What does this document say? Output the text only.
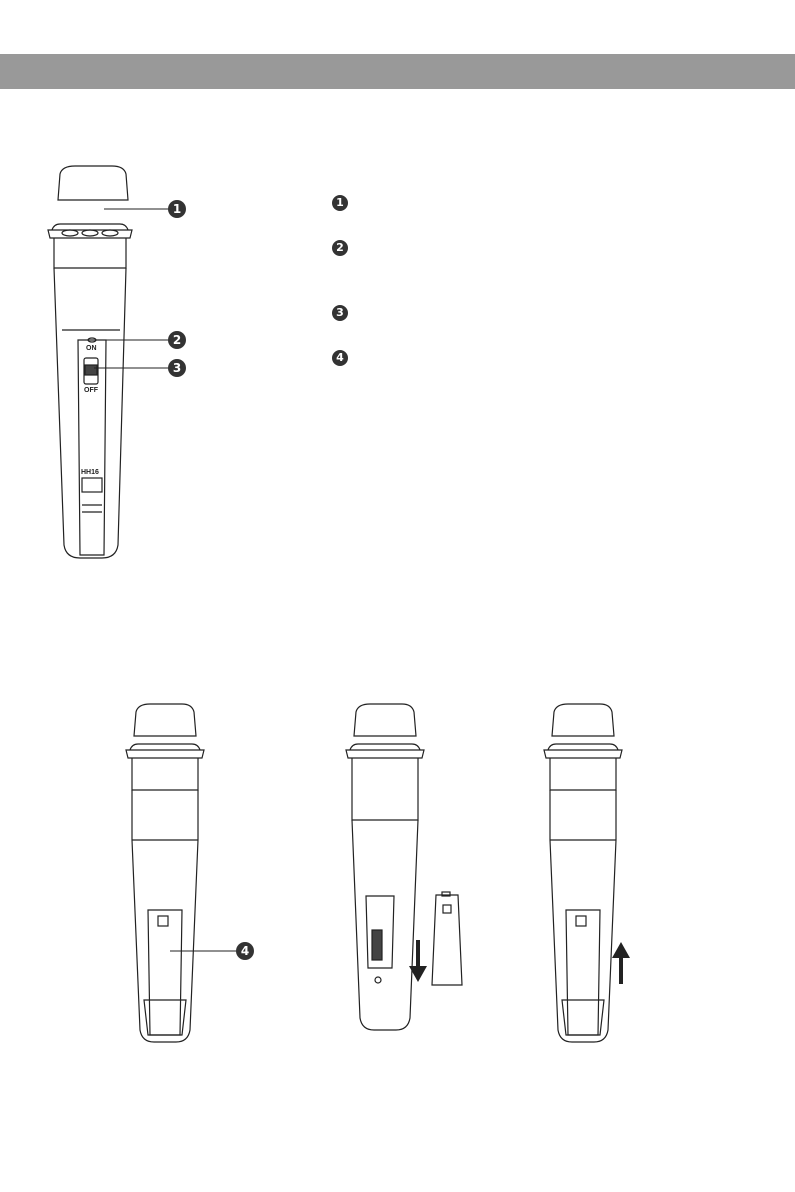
ON
OFF
HH16
1
2
3
1
2
3
4
4
